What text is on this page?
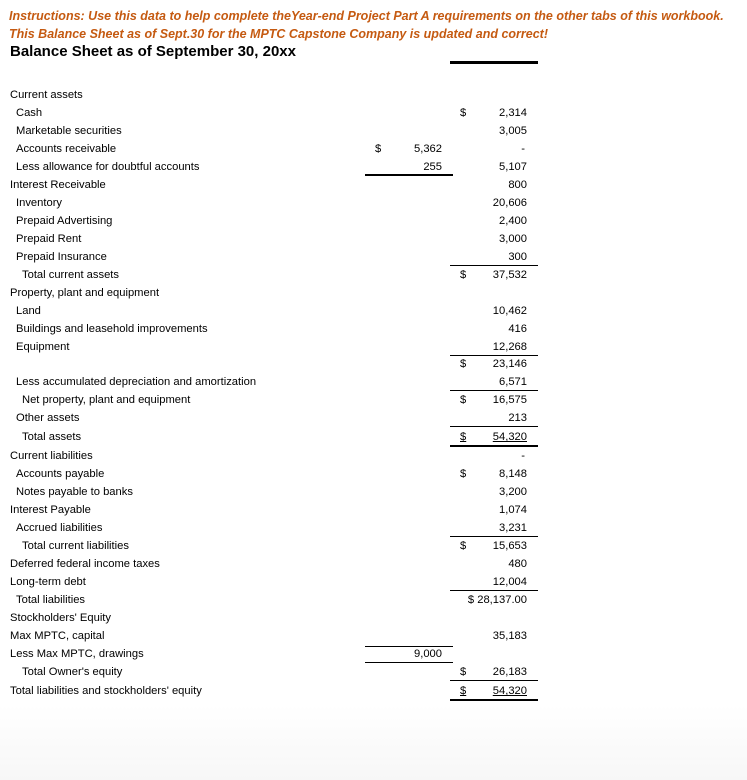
Instructions: Use this data to help complete theYear-end Project Part A requirements on the other tabs of this workbook.
This Balance Sheet as of Sept.30 for the MPTC Capstone Company is updated and correct!
Balance Sheet as of September 30, 20xx
Current assets
Cash	$	2,314
Marketable securities	3,005
Accounts receivable	$	5,362	-
Less allowance for doubtful accounts	255	5,107
Interest Receivable	800
Inventory	20,606
Prepaid Advertising	2,400
Prepaid Rent	3,000
Prepaid Insurance	300
Total current assets	$ 37,532
Property, plant and equipment
Land	10,462
Buildings and leasehold improvements	416
Equipment	12,268
$ 23,146
Less accumulated depreciation and amortization	6,571
Net property, plant and equipment	$ 16,575
Other assets	213
Total assets	$ 54,320
Current liabilities	-
Accounts payable	$	8,148
Notes payable to banks	3,200
Interest Payable	1,074
Accrued liabilities	3,231
Total current liabilities	$ 15,653
Deferred federal income taxes	480
Long-term debt	12,004
Total liabilities	$ 28,137.00
Stockholders' Equity
Max MPTC, capital	35,183
Less Max MPTC, drawings	9,000
Total Owner's equity	$ 26,183
Total liabilities and stockholders' equity	$ 54,320
